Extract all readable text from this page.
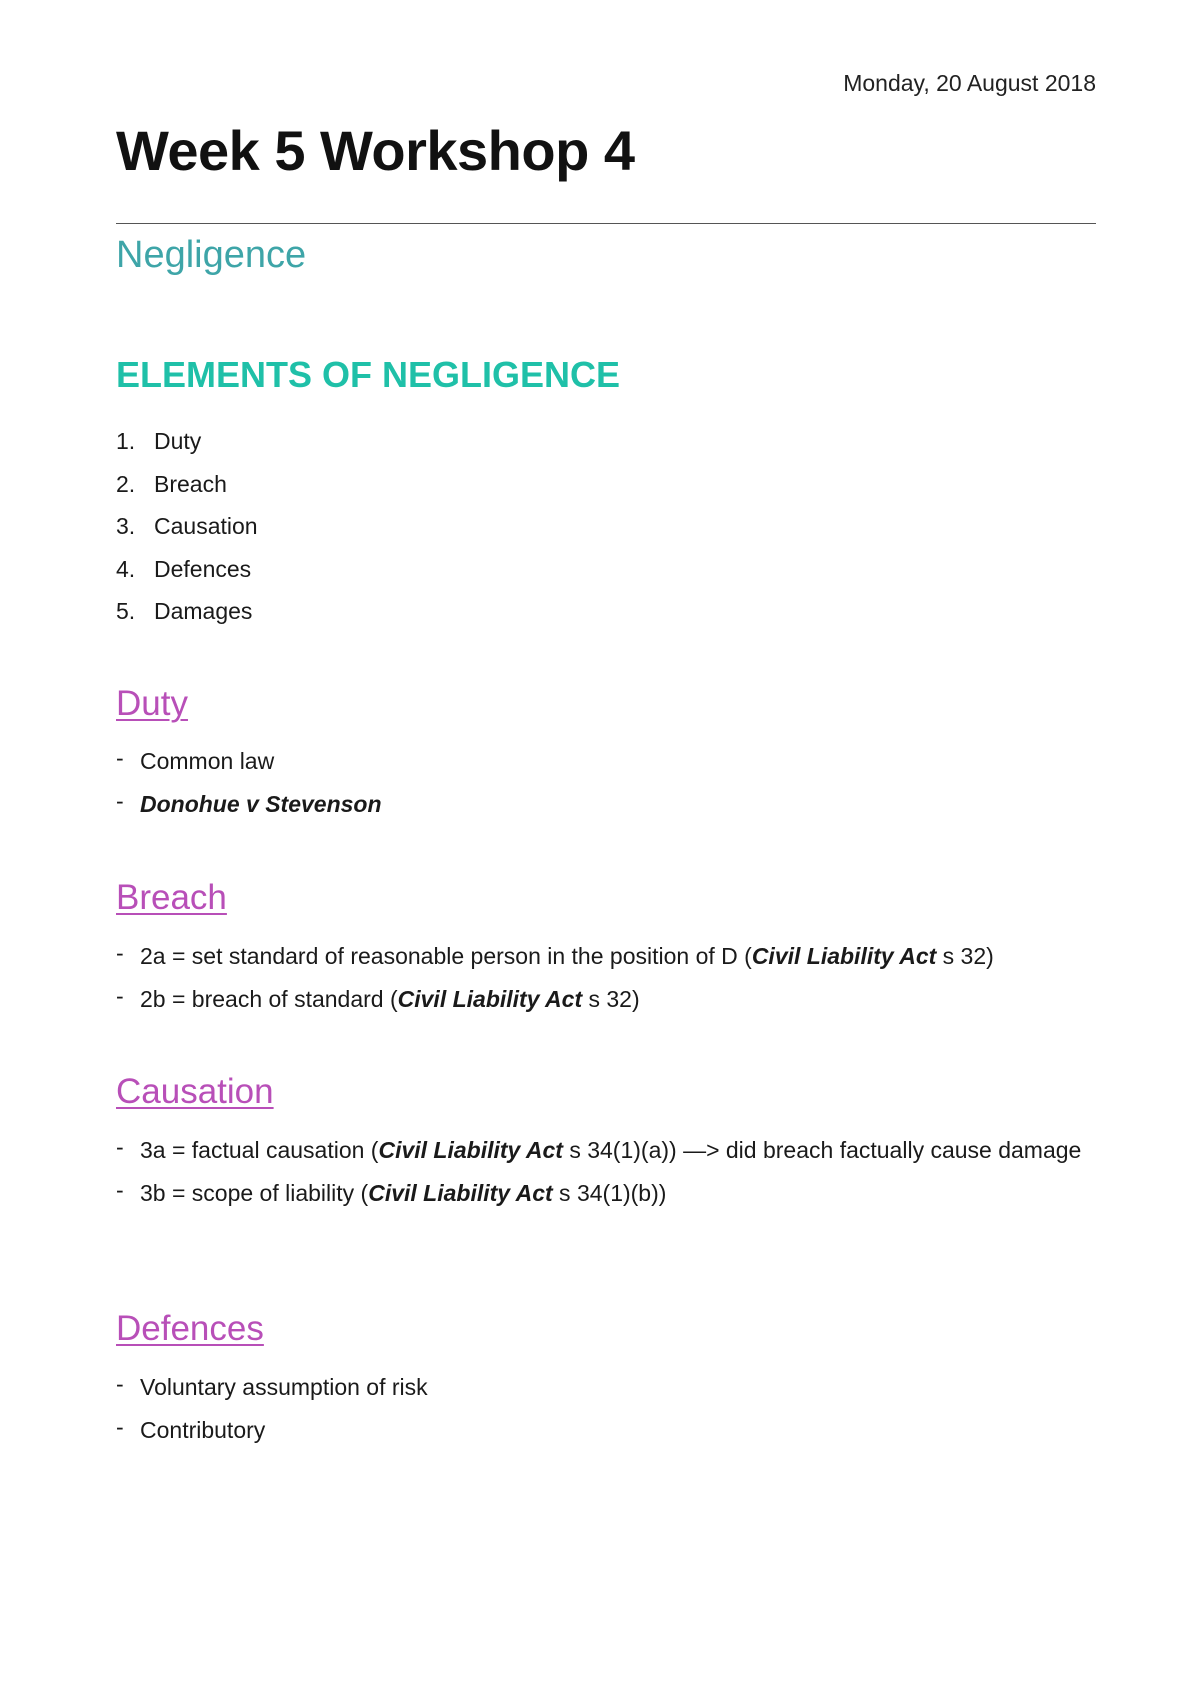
Monday, 20 August 2018
Week 5 Workshop 4
Negligence
ELEMENTS OF NEGLIGENCE
1. Duty
2. Breach
3. Causation
4. Defences
5. Damages
Duty
- Common law
- Donohue v Stevenson
Breach
- 2a = set standard of reasonable person in the position of D (Civil Liability Act s 32)
- 2b = breach of standard (Civil Liability Act s 32)
Causation
- 3a = factual causation (Civil Liability Act s 34(1)(a)) —> did breach factually cause damage
- 3b = scope of liability (Civil Liability Act s 34(1)(b))
Defences
- Voluntary assumption of risk
- Contributory
